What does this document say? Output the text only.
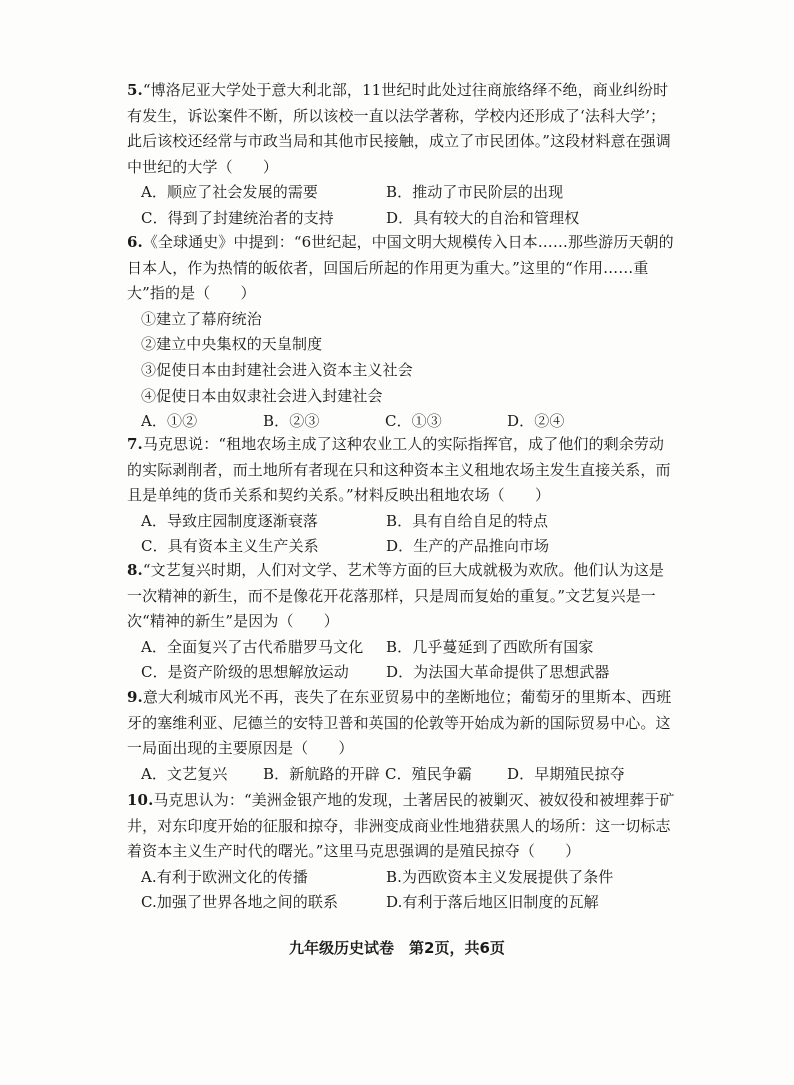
5.“博洛尼亚大学处于意大利北部，11世纪时此处过往商旅络绎不绝，商业纠纷时有发生，诉讼案件不断，所以该校一直以法学著称，学校内还形成了‘法科大学’；此后该校还经常与市政当局和其他市民接触，成立了市民团体。”这段材料意在强调中世纪的大学（　　）

A．顺应了社会发展的需要	B．推动了市民阶层的出现
C．得到了封建统治者的支持	D．具有较大的自治和管理权

6.《全球通史》中提到：“6世纪起，中国文明大规模传入日本……那些游历天朝的日本人，作为热情的皈依者，回国后所起的作用更为重大。”这里的“作用……重大”指的是（　　）

①建立了幕府统治

②建立中央集权的天皇制度

③促使日本由封建社会进入资本主义社会

④促使日本由奴隶社会进入封建社会

A．①②	B．②③	C．①③	D．②④

7.马克思说：“租地农场主成了这种农业工人的实际指挥官，成了他们的剩余劳动的实际剥削者，而土地所有者现在只和这种资本主义租地农场主发生直接关系，而且是单纯的货币关系和契约关系。”材料反映出租地农场（　　）

A．导致庄园制度逐渐衰落	B．具有自给自足的特点
C．具有资本主义生产关系	D．生产的产品推向市场

8.“文艺复兴时期，人们对文学、艺术等方面的巨大成就极为欢欣。他们认为这是一次精神的新生，而不是像花开花落那样，只是周而复始的重复。”文艺复兴是一次“精神的新生”是因为（　　）

A．全面复兴了古代希腊罗马文化	B．几乎蔓延到了西欧所有国家
C．是资产阶级的思想解放运动	D．为法国大革命提供了思想武器

9.意大利城市风光不再，丧失了在东亚贸易中的垄断地位；葡萄牙的里斯本、西班牙的塞维利亚、尼德兰的安特卫普和英国的伦敦等开始成为新的国际贸易中心。这一局面出现的主要原因是（　　）

A．文艺复兴	B．新航路的开辟 C．殖民争霸	D．早期殖民掠夺

10.马克思认为：“美洲金银产地的发现，土著居民的被剿灭、被奴役和被埋葬于矿井，对东印度开始的征服和掠夺，非洲变成商业性地猎获黑人的场所：这一切标志着资本主义生产时代的曙光。”这里马克思强调的是殖民掠夺（　　）

A.有利于欧洲文化的传播	B.为西欧资本主义发展提供了条件
C.加强了世界各地之间的联系	D.有利于落后地区旧制度的瓦解
九年级历史试卷　第2页，共6页
